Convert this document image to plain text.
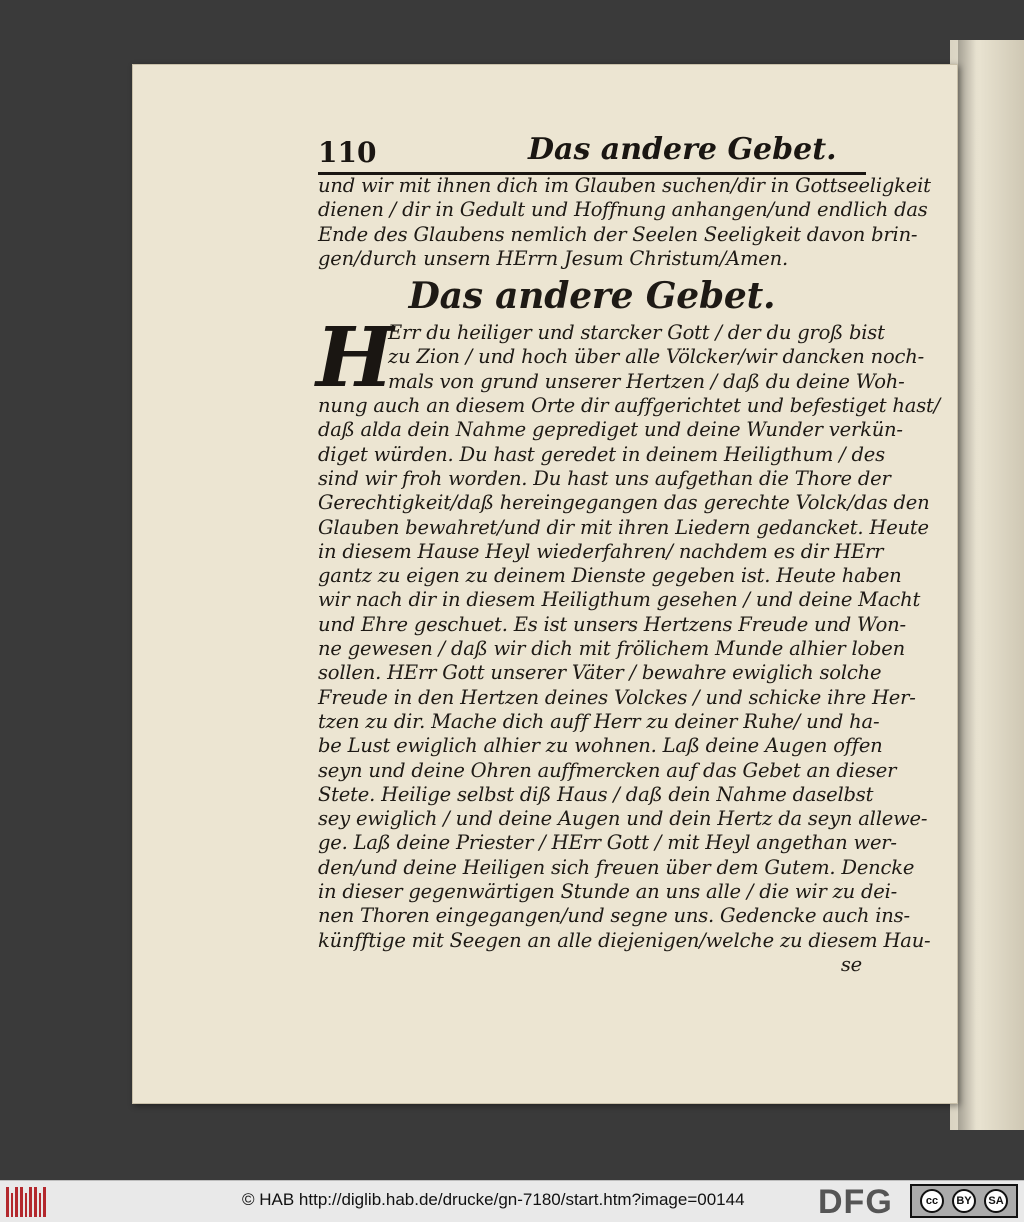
110	Das andere Gebet.
und wir mit ihnen dich im Glauben suchen/dir in Gottseeligkeit
dienen / dir in Gedult und Hoffnung anhangen/und endlich das
Ende des Glaubens nemlich der Seelen Seeligkeit davon brin-
gen/durch unsern HErrn Jesum Christum/Amen.
Das andere Gebet.
H
Err du heiliger und starcker Gott / der du groß bist
zu Zion / und hoch über alle Völcker/wir dancken noch-
mals von grund unserer Hertzen / daß du deine Woh-
nung auch an diesem Orte dir auffgerichtet und befestiget hast/
daß alda dein Nahme geprediget und deine Wunder verkün-
diget würden. Du hast geredet in deinem Heiligthum / des
sind wir froh worden. Du hast uns aufgethan die Thore der
Gerechtigkeit/daß hereingegangen das gerechte Volck/das den
Glauben bewahret/und dir mit ihren Liedern gedancket. Heute
in diesem Hause Heyl wiederfahren/ nachdem es dir HErr
gantz zu eigen zu deinem Dienste gegeben ist. Heute haben
wir nach dir in diesem Heiligthum gesehen / und deine Macht
und Ehre geschuet. Es ist unsers Hertzens Freude und Won-
ne gewesen / daß wir dich mit frölichem Munde alhier loben
sollen. HErr Gott unserer Väter / bewahre ewiglich solche
Freude in den Hertzen deines Volckes / und schicke ihre Her-
tzen zu dir. Mache dich auff Herr zu deiner Ruhe/ und ha-
be Lust ewiglich alhier zu wohnen. Laß deine Augen offen
seyn und deine Ohren auffmercken auf das Gebet an dieser
Stete. Heilige selbst diß Haus / daß dein Nahme daselbst
sey ewiglich / und deine Augen und dein Hertz da seyn allewe-
ge. Laß deine Priester / HErr Gott / mit Heyl angethan wer-
den/und deine Heiligen sich freuen über dem Gutem. Dencke
in dieser gegenwärtigen Stunde an uns alle / die wir zu dei-
nen Thoren eingegangen/und segne uns. Gedencke auch ins-
künfftige mit Seegen an alle diejenigen/welche zu diesem Hau-
se
© HAB http://diglib.hab.de/drucke/gn-7180/start.htm?image=00144 DFG	cc	BY	SA
